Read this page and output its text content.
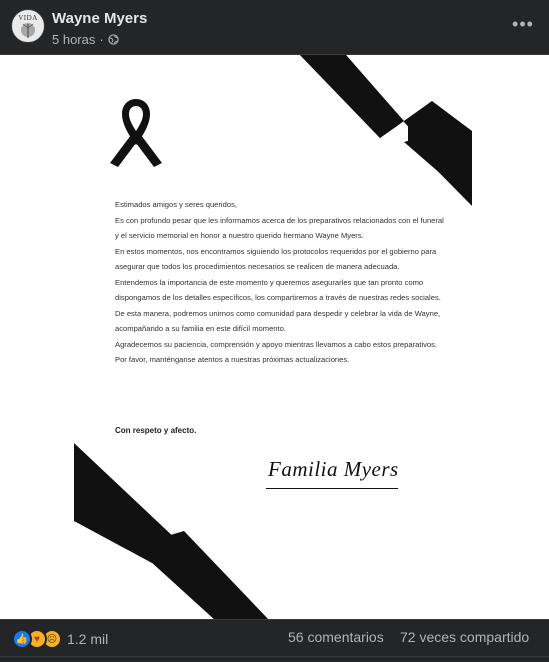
VIDA Wayne Myers
5 horas ·
•••

Estimados amigos y seres queridos,

Es con profundo pesar que les informamos acerca de los preparativos relacionados con el funeral y el servicio memorial en honor a nuestro querido hermano Wayne Myers.

En estos momentos, nos encontramos siguiendo los protocolos requeridos por el gobierno para asegurar que todos los procedimientos necesarios se realicen de manera adecuada.

Entendemos la importancia de este momento y queremos asegurarles que tan pronto como dispongamos de los detalles específicos, los compartiremos a través de nuestras redes sociales. De esta manera, podremos unirnos como comunidad para despedir y celebrar la vida de Wayne, acompañando a su familia en este difícil momento.

Agradecemos su paciencia, comprensión y apoyo mientras llevamos a cabo estos preparativos. Por favor, manténganse atentos a nuestras próximas actualizaciones.

Con respeto y afecto.
Familia Myers
👍 ♥ ☹ 1.2 mil	56 comentarios 72 veces compartido
